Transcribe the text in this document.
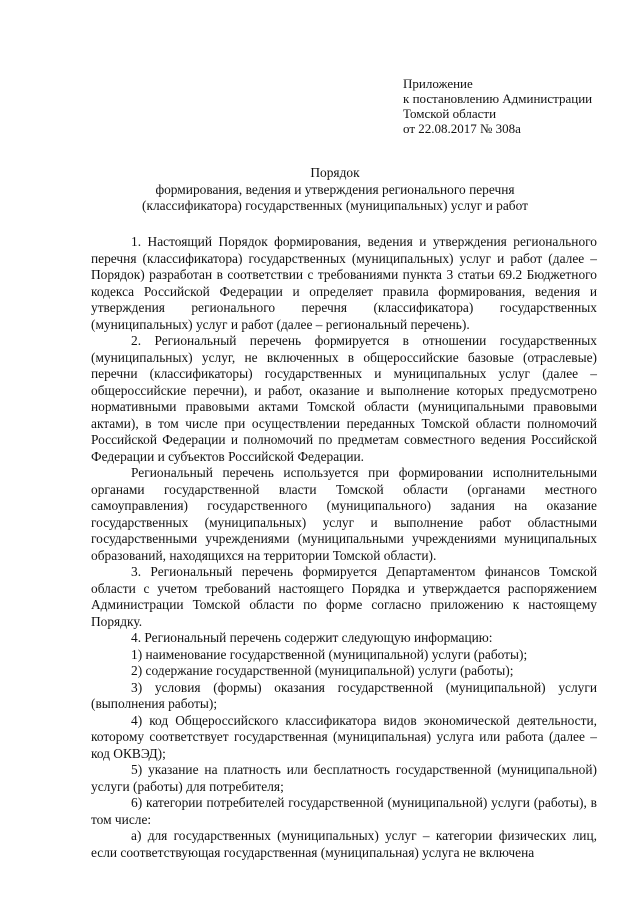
Приложение
к постановлению Администрации
Томской области
от 22.08.2017 № 308а
Порядок
формирования, ведения и утверждения регионального перечня
(классификатора) государственных (муниципальных) услуг и работ

1. Настоящий Порядок формирования, ведения и утверждения регионального перечня (классификатора) государственных (муниципальных) услуг и работ (далее – Порядок) разработан в соответствии с требованиями пункта 3 статьи 69.2 Бюджетного кодекса Российской Федерации и определяет правила формирования, ведения и утверждения регионального перечня (классификатора) государственных (муниципальных) услуг и работ (далее – региональный перечень).

2. Региональный перечень формируется в отношении государственных (муниципальных) услуг, не включенных в общероссийские базовые (отраслевые) перечни (классификаторы) государственных и муниципальных услуг (далее – общероссийские перечни), и работ, оказание и выполнение которых предусмотрено нормативными правовыми актами Томской области (муниципальными правовыми актами), в том числе при осуществлении переданных Томской области полномочий Российской Федерации и полномочий по предметам совместного ведения Российской Федерации и субъектов Российской Федерации.

Региональный перечень используется при формировании исполнительными органами государственной власти Томской области (органами местного самоуправления) государственного (муниципального) задания на оказание государственных (муниципальных) услуг и выполнение работ областными государственными учреждениями (муниципальными учреждениями муниципальных образований, находящихся на территории Томской области).

3. Региональный перечень формируется Департаментом финансов Томской области с учетом требований настоящего Порядка и утверждается распоряжением Администрации Томской области по форме согласно приложению к настоящему Порядку.

4. Региональный перечень содержит следующую информацию:

1) наименование государственной (муниципальной) услуги (работы);

2) содержание государственной (муниципальной) услуги (работы);

3) условия (формы) оказания государственной (муниципальной) услуги (выполнения работы);

4) код Общероссийского классификатора видов экономической деятельности, которому соответствует государственная (муниципальная) услуга или работа (далее – код ОКВЭД);

5) указание на платность или бесплатность государственной (муниципальной) услуги (работы) для потребителя;

6) категории потребителей государственной (муниципальной) услуги (работы), в том числе:

а) для государственных (муниципальных) услуг – категории физических лиц, если соответствующая государственная (муниципальная) услуга не включена
